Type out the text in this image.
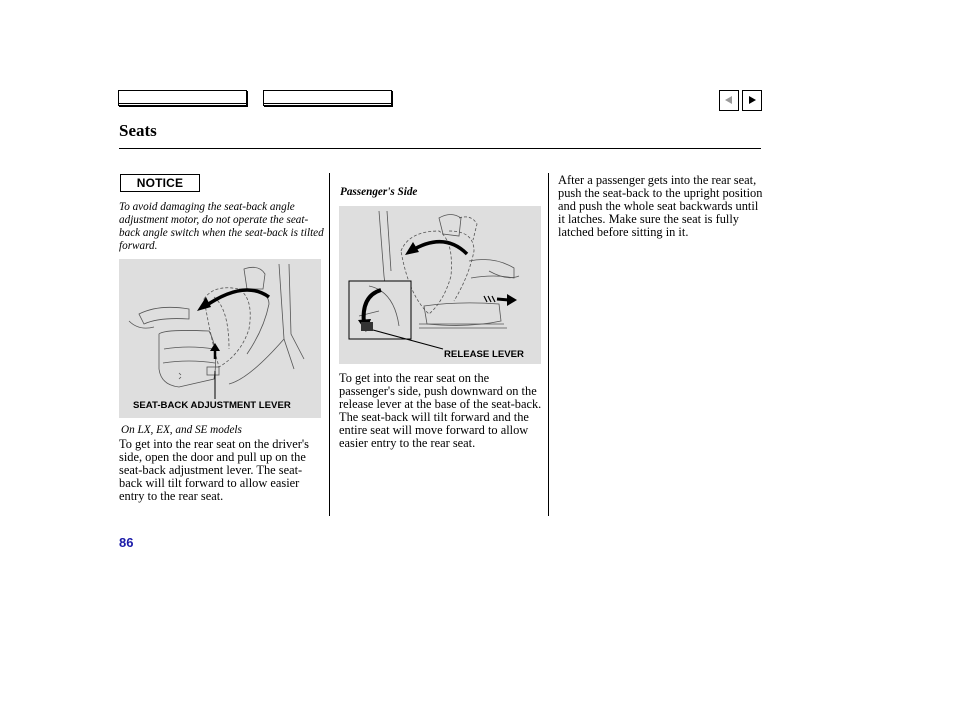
Seats
NOTICE
To avoid damaging the seat-back angle adjustment motor, do not operate the seat-back angle switch when the seat-back is tilted forward.
SEAT-BACK ADJUSTMENT LEVER
On LX, EX, and SE models
To get into the rear seat on the driver's side, open the door and pull up on the seat-back adjustment lever. The seat-back will tilt forward to allow easier entry to the rear seat.
Passenger's Side
RELEASE LEVER
To get into the rear seat on the passenger's side, push downward on the release lever at the base of the seat-back. The seat-back will tilt forward and the entire seat will move forward to allow easier entry to the rear seat.
After a passenger gets into the rear seat, push the seat-back to the upright position and push the whole seat backwards until it latches. Make sure the seat is fully latched before sitting in it.
86
